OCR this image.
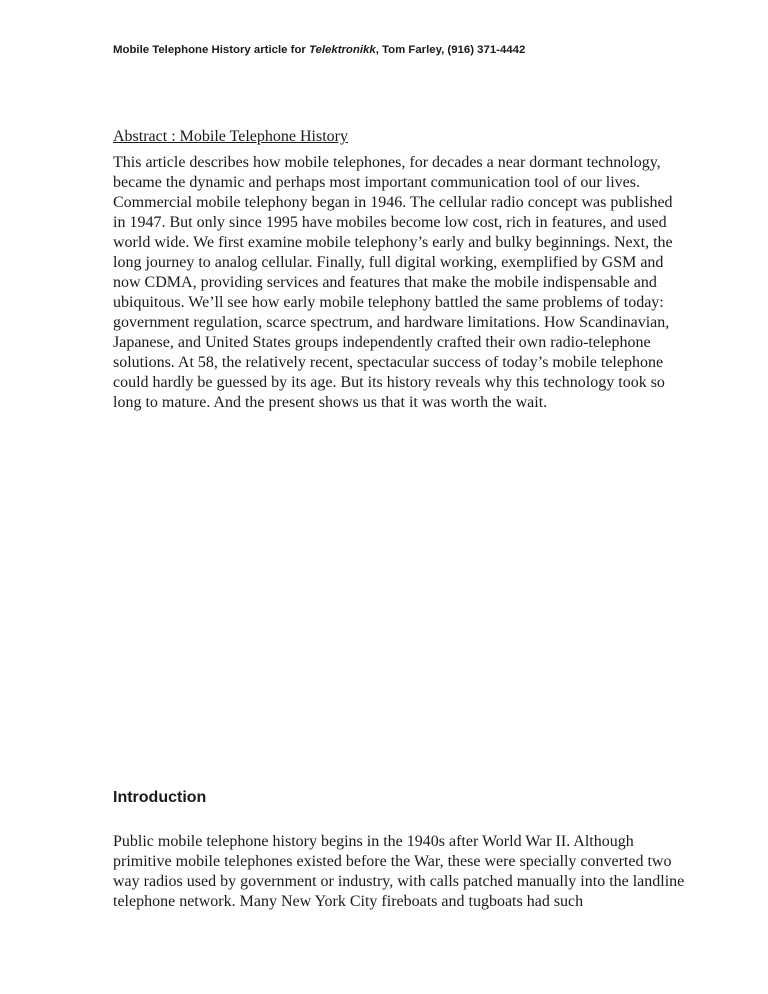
Mobile Telephone History article for Telektronikk, Tom Farley, (916) 371-4442
Abstract : Mobile Telephone History
This article describes how mobile telephones, for decades a near dormant technology,
became the dynamic and perhaps most important communication tool of our lives.
Commercial mobile telephony began in 1946. The cellular radio concept was published
in 1947. But only since 1995 have mobiles become low cost, rich in features, and used
world wide. We first examine mobile telephony’s early and bulky beginnings. Next, the
long journey to analog cellular. Finally, full digital working, exemplified by GSM and
now CDMA, providing services and features that make the mobile indispensable and
ubiquitous. We’ll see how early mobile telephony battled the same problems of today:
government regulation, scarce spectrum, and hardware limitations. How Scandinavian,
Japanese, and United States groups independently crafted their own radio-telephone
solutions. At 58, the relatively recent, spectacular success of today’s mobile telephone
could hardly be guessed by its age. But its history reveals why this technology took so
long to mature. And the present shows us that it was worth the wait.
Introduction
Public mobile telephone history begins in the 1940s after World War II. Although
primitive mobile telephones existed before the War, these were specially converted two
way radios used by government or industry, with calls patched manually into the landline
telephone network. Many New York City fireboats and tugboats had such
